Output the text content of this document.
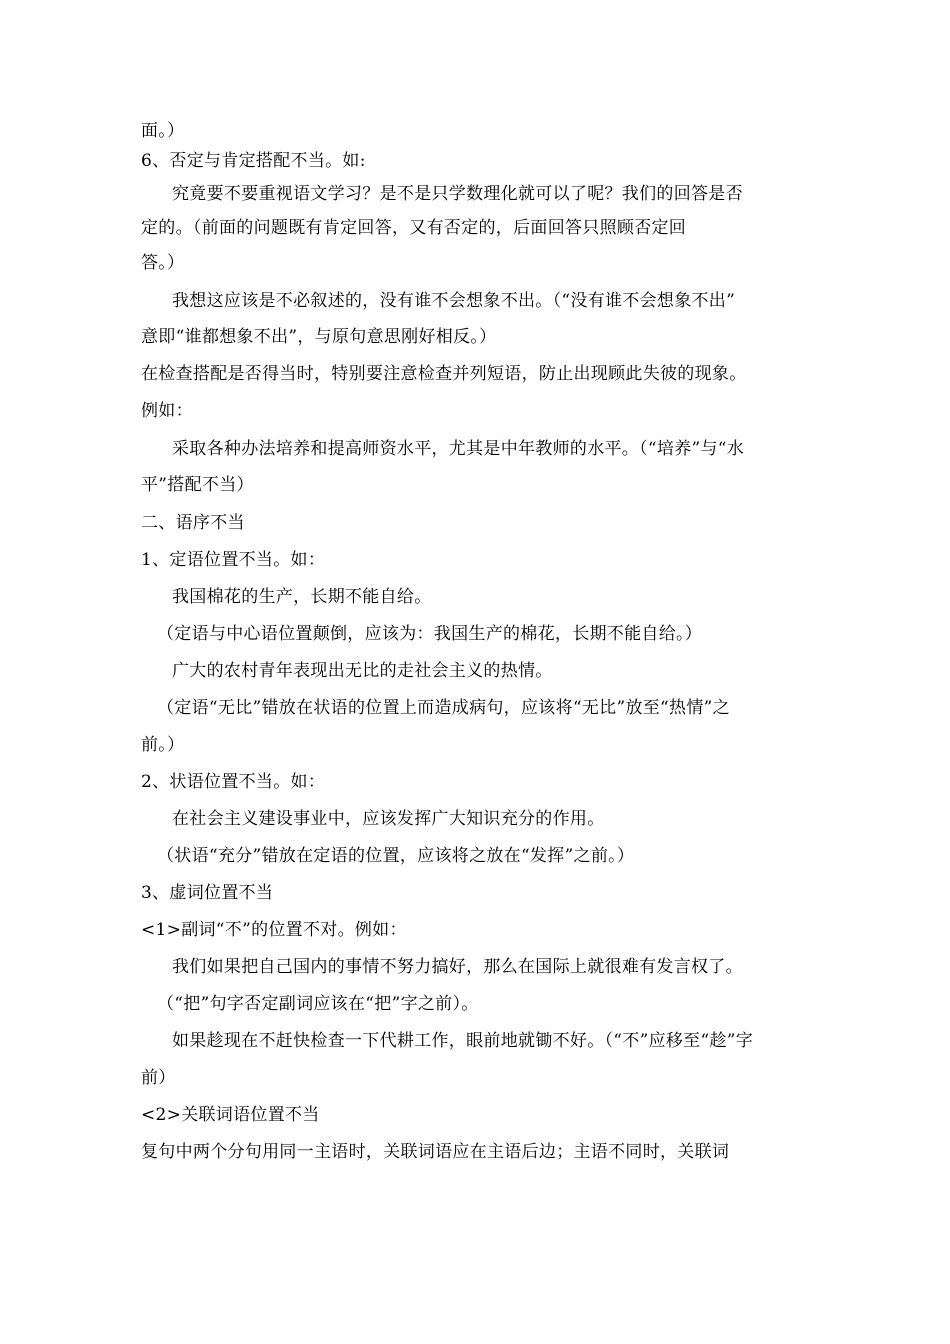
面。）
6、否定与肯定搭配不当。如:
究竟要不要重视语文学习？是不是只学数理化就可以了呢？我们的回答是否
定的。（前面的问题既有肯定回答，又有否定的，后面回答只照顾否定回
答。）
我想这应该是不必叙述的，没有谁不会想象不出。（“没有谁不会想象不出”
意即“谁都想象不出”，与原句意思刚好相反。）
在检查搭配是否得当时，特别要注意检查并列短语，防止出现顾此失彼的现象。
例如：
采取各种办法培养和提高师资水平，尤其是中年教师的水平。（“培养”与“水
平”搭配不当）
二、语序不当
1、定语位置不当。如：
我国棉花的生产，长期不能自给。
（定语与中心语位置颠倒，应该为：我国生产的棉花，长期不能自给。）
广大的农村青年表现出无比的走社会主义的热情。
（定语“无比”错放在状语的位置上而造成病句，应该将“无比”放至“热情”之
前。）
2、状语位置不当。如：
在社会主义建设事业中，应该发挥广大知识充分的作用。
（状语“充分”错放在定语的位置，应该将之放在“发挥”之前。）
3、虚词位置不当
<1>副词“不”的位置不对。例如：
我们如果把自己国内的事情不努力搞好，那么在国际上就很难有发言权了。
（“把”句字否定副词应该在“把”字之前）。
如果趁现在不赶快检查一下代耕工作，眼前地就锄不好。（“不”应移至“趁”字
前）
<2>关联词语位置不当
复句中两个分句用同一主语时，关联词语应在主语后边；主语不同时，关联词
